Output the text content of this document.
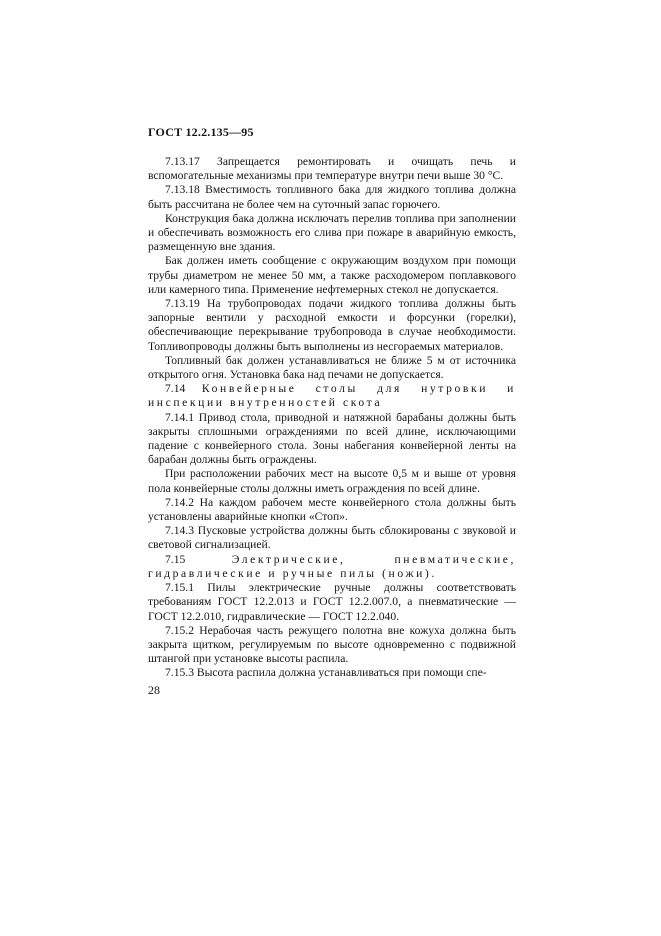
ГОСТ 12.2.135—95

7.13.17 Запрещается ремонтировать и очищать печь и вспомогательные механизмы при температуре внутри печи выше 30 °С.

7.13.18 Вместимость топливного бака для жидкого топлива должна быть рассчитана не более чем на суточный запас горючего.

Конструкция бака должна исключать перелив топлива при заполнении и обеспечивать возможность его слива при пожаре в аварийную емкость, размещенную вне здания.

Бак должен иметь сообщение с окружающим воздухом при помощи трубы диаметром не менее 50 мм, а также расходомером поплавкового или камерного типа. Применение нефтемерных стекол не допускается.

7.13.19 На трубопроводах подачи жидкого топлива должны быть запорные вентили у расходной емкости и форсунки (горелки), обеспечивающие перекрывание трубопровода в случае необходимости. Топливопроводы должны быть выполнены из несгораемых материалов.

Топливный бак должен устанавливаться не ближе 5 м от источника открытого огня. Установка бака над печами не допускается.

7.14 Конвейерные столы для нутровки и инспекции внутренностей скота

7.14.1 Привод стола, приводной и натяжной барабаны должны быть закрыты сплошными ограждениями по всей длине, исключающими падение с конвейерного стола. Зоны набегания конвейерной ленты на барабан должны быть ограждены.

При расположении рабочих мест на высоте 0,5 м и выше от уровня пола конвейерные столы должны иметь ограждения по всей длине.

7.14.2 На каждом рабочем месте конвейерного стола должны быть установлены аварийные кнопки «Стоп».

7.14.3 Пусковые устройства должны быть сблокированы с звуковой и световой сигнализацией.

7.15	Электрические, пневматические, гидравлические и ручные пилы (ножи).

7.15.1 Пилы электрические ручные должны соответствовать требованиям ГОСТ 12.2.013 и ГОСТ 12.2.007.0, а пневматические — ГОСТ 12.2.010, гидравлические — ГОСТ 12.2.040.

7.15.2 Нерабочая часть режущего полотна вне кожуха должна быть закрыта щитком, регулируемым по высоте одновременно с подвижной штангой при установке высоты распила.

7.15.3 Высота распила должна устанавливаться при помощи спе-

28
